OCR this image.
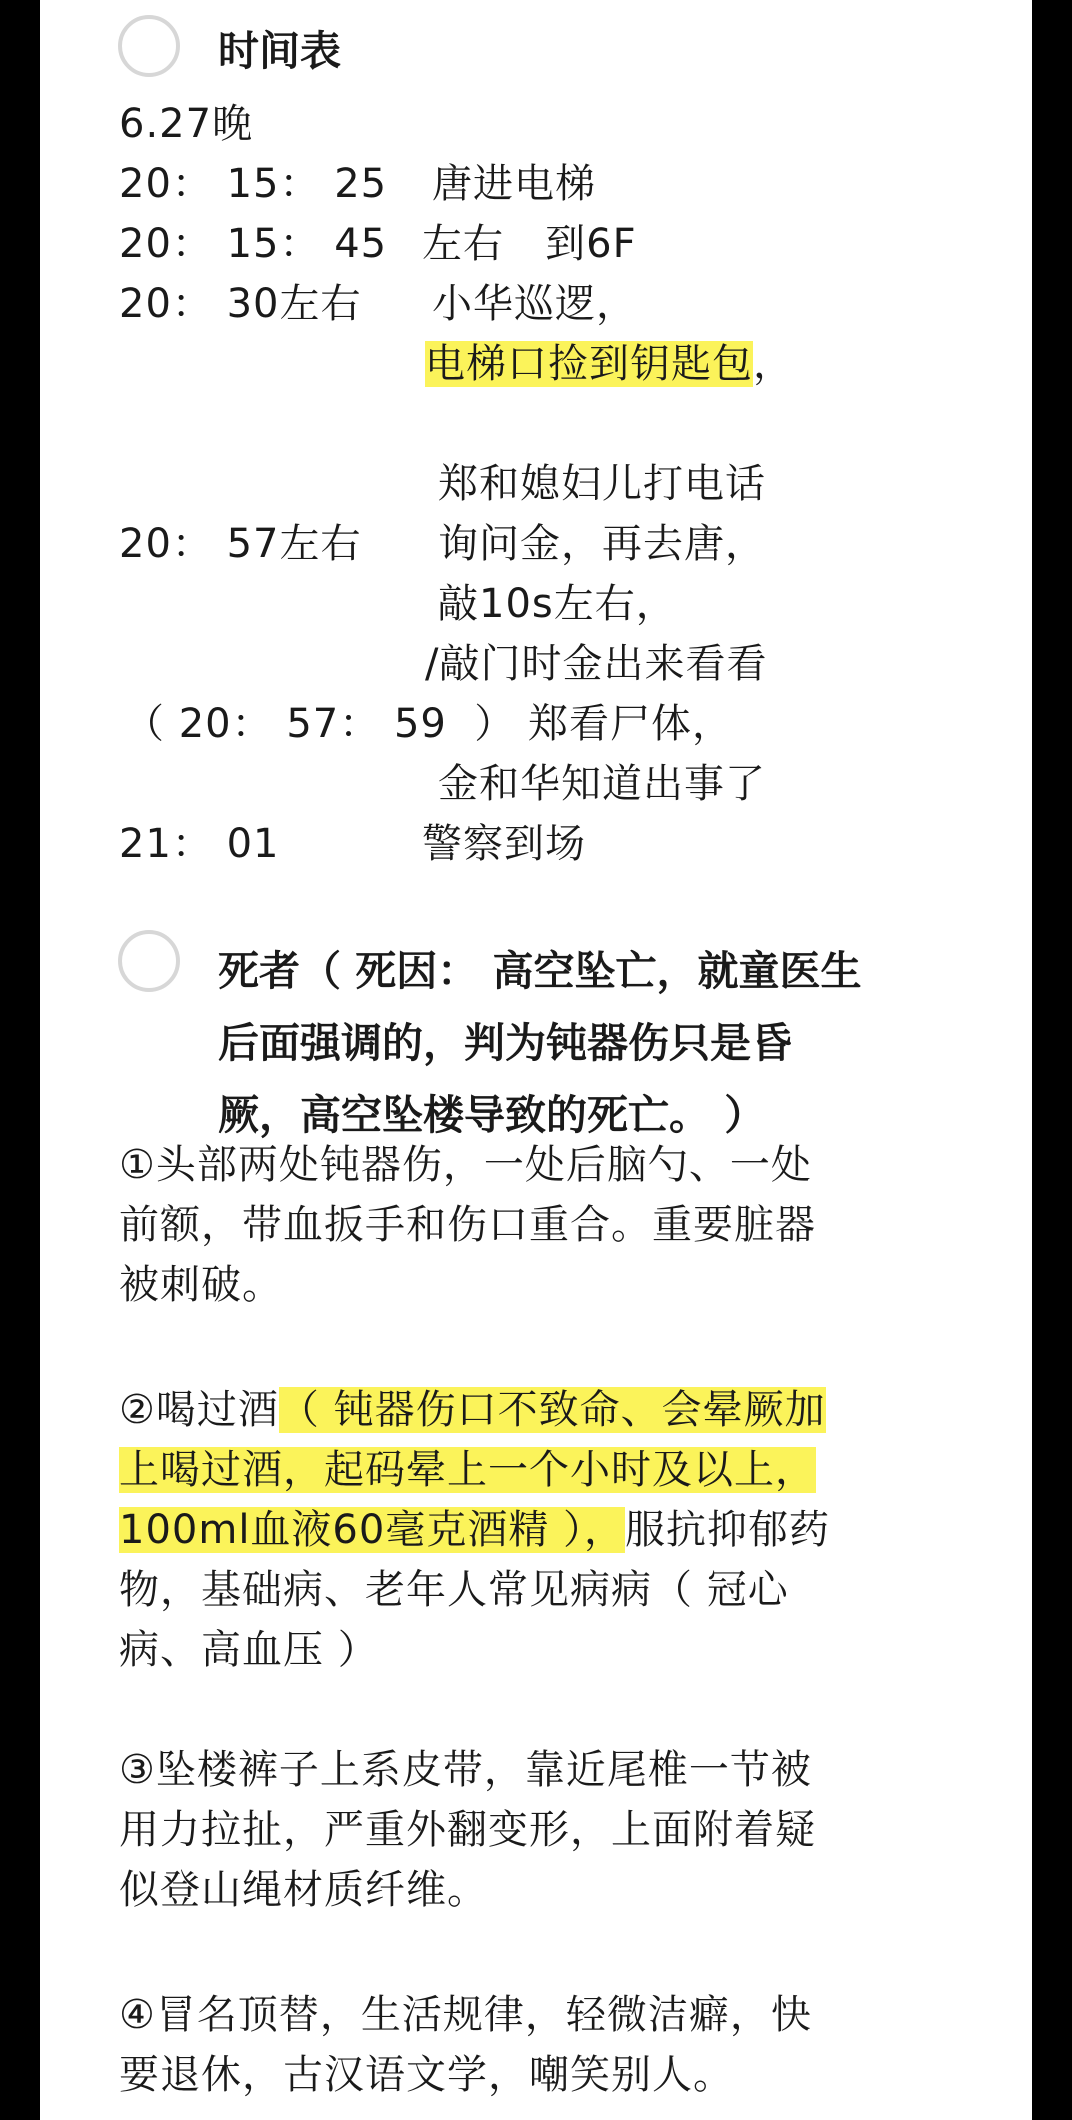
时间表
6.27晚
20： 15： 25 唐进电梯
20： 15： 45 左右   到6F
20： 30左右 小华巡逻，
电梯口捡到钥匙包，
郑和媳妇儿打电话
20： 57左右 询问金，再去唐，
敲10s左右，
/敲门时金出来看看
（ 20： 57： 59  ） 郑看尸体，
金和华知道出事了
21： 01	警察到场
死者（ 死因： 高空坠亡，就童医生
后面强调的，判为钝器伤只是昏
厥，高空坠楼导致的死亡。 ）
①头部两处钝器伤，一处后脑勺、一处
前额，带血扳手和伤口重合。重要脏器
被刺破。
②喝过酒（ 钝器伤口不致命、会晕厥加
上喝过酒，起码晕上一个小时及以上，
100ml血液60毫克酒精 ），服抗抑郁药
物，基础病、老年人常见病病（ 冠心
病、高血压 ）
③坠楼裤子上系皮带，靠近尾椎一节被
用力拉扯，严重外翻变形，上面附着疑
似登山绳材质纤维。
④冒名顶替，生活规律，轻微洁癖，快
要退休，古汉语文学，嘲笑别人。
